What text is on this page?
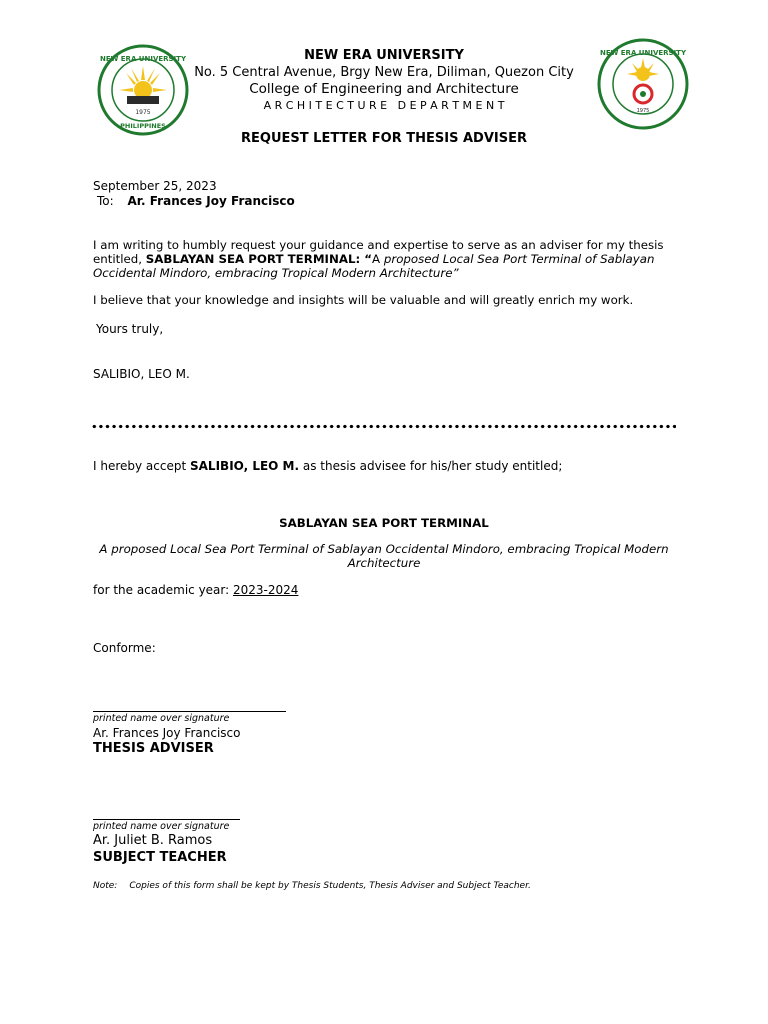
NEW ERA UNIVERSITY
PHILIPPINES
1975
NEW ERA UNIVERSITY
1975
NEW ERA UNIVERSITY
No. 5 Central Avenue, Brgy New Era, Diliman, Quezon City
College of Engineering and Architecture
A R C H I T E C T U R E   D E P A R T M E N T
REQUEST LETTER FOR THESIS ADVISER
September 25, 2023
To: Ar. Frances Joy Francisco
I am writing to humbly request your guidance and expertise to serve as an adviser for my thesis
entitled, SABLAYAN SEA PORT TERMINAL: “A proposed Local Sea Port Terminal of Sablayan
Occidental Mindoro, embracing Tropical Modern Architecture”
I believe that your knowledge and insights will be valuable and will greatly enrich my work.
Yours truly,
SALIBIO, LEO M.
I hereby accept SALIBIO, LEO M. as thesis advisee for his/her study entitled;
SABLAYAN SEA PORT TERMINAL
A proposed Local Sea Port Terminal of Sablayan Occidental Mindoro, embracing Tropical Modern
Architecture
for the academic year: 2023-2024
Conforme:
printed name over signature
Ar. Frances Joy Francisco
THESIS ADVISER
printed name over signature
Ar. Juliet B. Ramos
SUBJECT TEACHER
Note: Copies of this form shall be kept by Thesis Students, Thesis Adviser and Subject Teacher.
